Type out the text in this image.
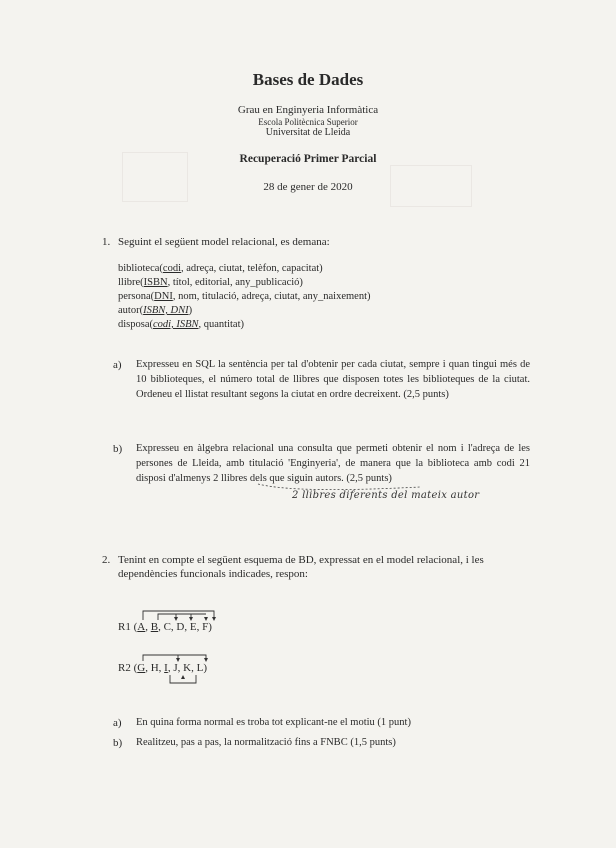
Bases de Dades
Grau en Enginyeria Informàtica
Escola Politècnica Superior
Universitat de Lleida
Recuperació Primer Parcial
28 de gener de 2020
1. Seguint el següent model relacional, es demana:
biblioteca(codi, adreça, ciutat, telèfon, capacitat)
llibre(ISBN, títol, editorial, any_publicació)
persona(DNI, nom, titulació, adreça, ciutat, any_naixement)
autor(ISBN, DNI)
disposa(codi, ISBN, quantitat)
a) Expresseu en SQL la sentència per tal d'obtenir per cada ciutat, sempre i quan tingui més de 10 biblioteques, el número total de llibres que disposen totes les biblioteques de la ciutat. Ordeneu el llistat resultant segons la ciutat en ordre decreixent. (2,5 punts)
b) Expresseu en àlgebra relacional una consulta que permeti obtenir el nom i l'adreça de les persones de Lleida, amb titulació 'Enginyeria', de manera que la biblioteca amb codi 21 disposi d'almenys 2 llibres dels que siguin autors. (2,5 punts)
2 llibres diferents del mateix autor
2. Tenint en compte el següent esquema de BD, expressat en el model relacional, i les
dependències funcionals indicades, respon:
R1 (A, B, C, D, E, F)
R2 (G, H, I, J, K, L)
a) En quina forma normal es troba tot explicant-ne el motiu (1 punt)
b) Realitzeu, pas a pas, la normalització fins a FNBC (1,5 punts)
